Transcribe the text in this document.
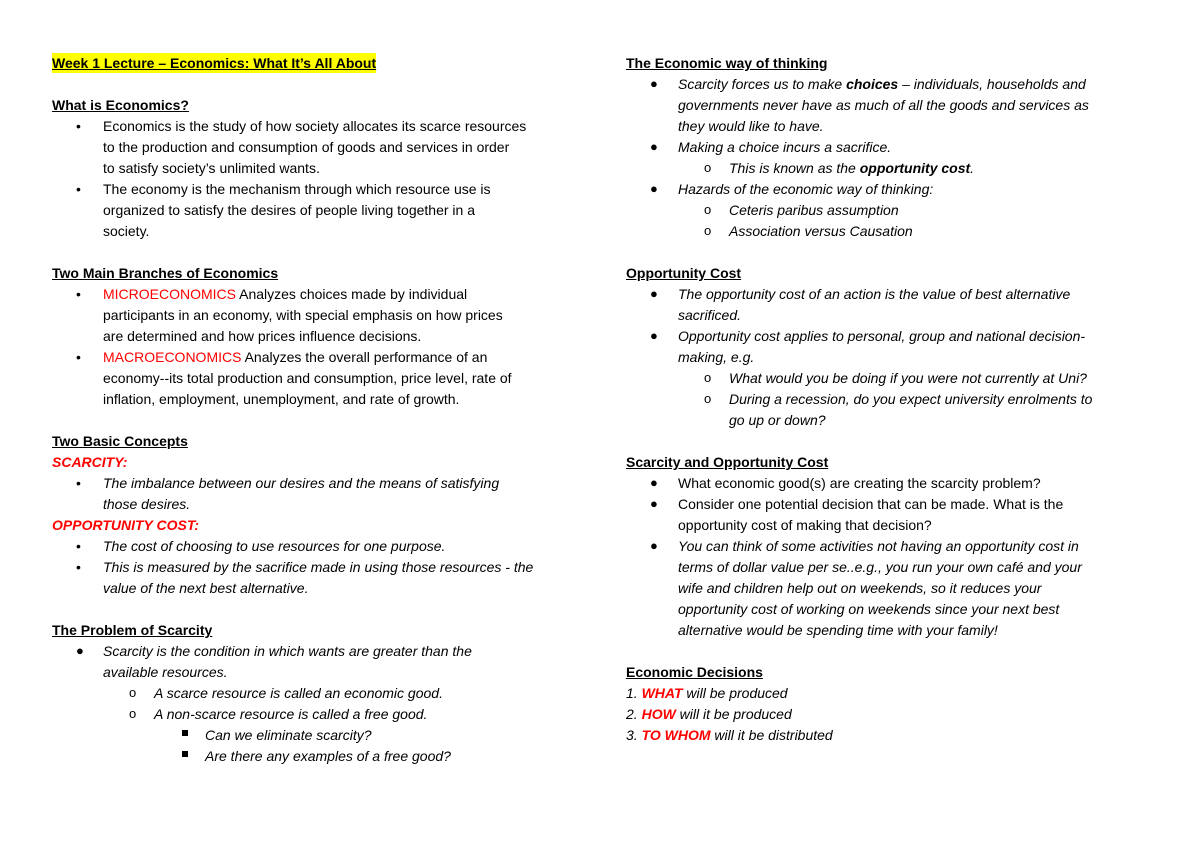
Week 1 Lecture – Economics: What It’s All About
What is Economics?
• Economics is the study of how society allocates its scarce resources
to the production and consumption of goods and services in order
to satisfy society’s unlimited wants.
• The economy is the mechanism through which resource use is
organized to satisfy the desires of people living together in a
society.
Two Main Branches of Economics
• MICROECONOMICS Analyzes choices made by individual
participants in an economy, with special emphasis on how prices
are determined and how prices influence decisions.
• MACROECONOMICS Analyzes the overall performance of an
economy--its total production and consumption, price level, rate of
inflation, employment, unemployment, and rate of growth.
Two Basic Concepts
SCARCITY:
• The imbalance between our desires and the means of satisfying
those desires.
OPPORTUNITY COST:
• The cost of choosing to use resources for one purpose.
• This is measured by the sacrifice made in using those resources - the
value of the next best alternative.
The Problem of Scarcity
● Scarcity is the condition in which wants are greater than the
available resources.
o A scarce resource is called an economic good.
o A non-scarce resource is called a free good.
Can we eliminate scarcity?
Are there any examples of a free good?
The Economic way of thinking
● Scarcity forces us to make choices – individuals, households and
governments never have as much of all the goods and services as
they would like to have.
● Making a choice incurs a sacrifice.
o This is known as the opportunity cost.
● Hazards of the economic way of thinking:
o Ceteris paribus assumption
o Association versus Causation
Opportunity Cost
● The opportunity cost of an action is the value of best alternative
sacrificed.
● Opportunity cost applies to personal, group and national decision-
making, e.g.
o What would you be doing if you were not currently at Uni?
o During a recession, do you expect university enrolments to
go up or down?
Scarcity and Opportunity Cost
● What economic good(s) are creating the scarcity problem?
● Consider one potential decision that can be made. What is the
opportunity cost of making that decision?
● You can think of some activities not having an opportunity cost in
terms of dollar value per se..e.g., you run your own café and your
wife and children help out on weekends, so it reduces your
opportunity cost of working on weekends since your next best
alternative would be spending time with your family!
Economic Decisions
1. WHAT will be produced
2. HOW will it be produced
3. TO WHOM will it be distributed
